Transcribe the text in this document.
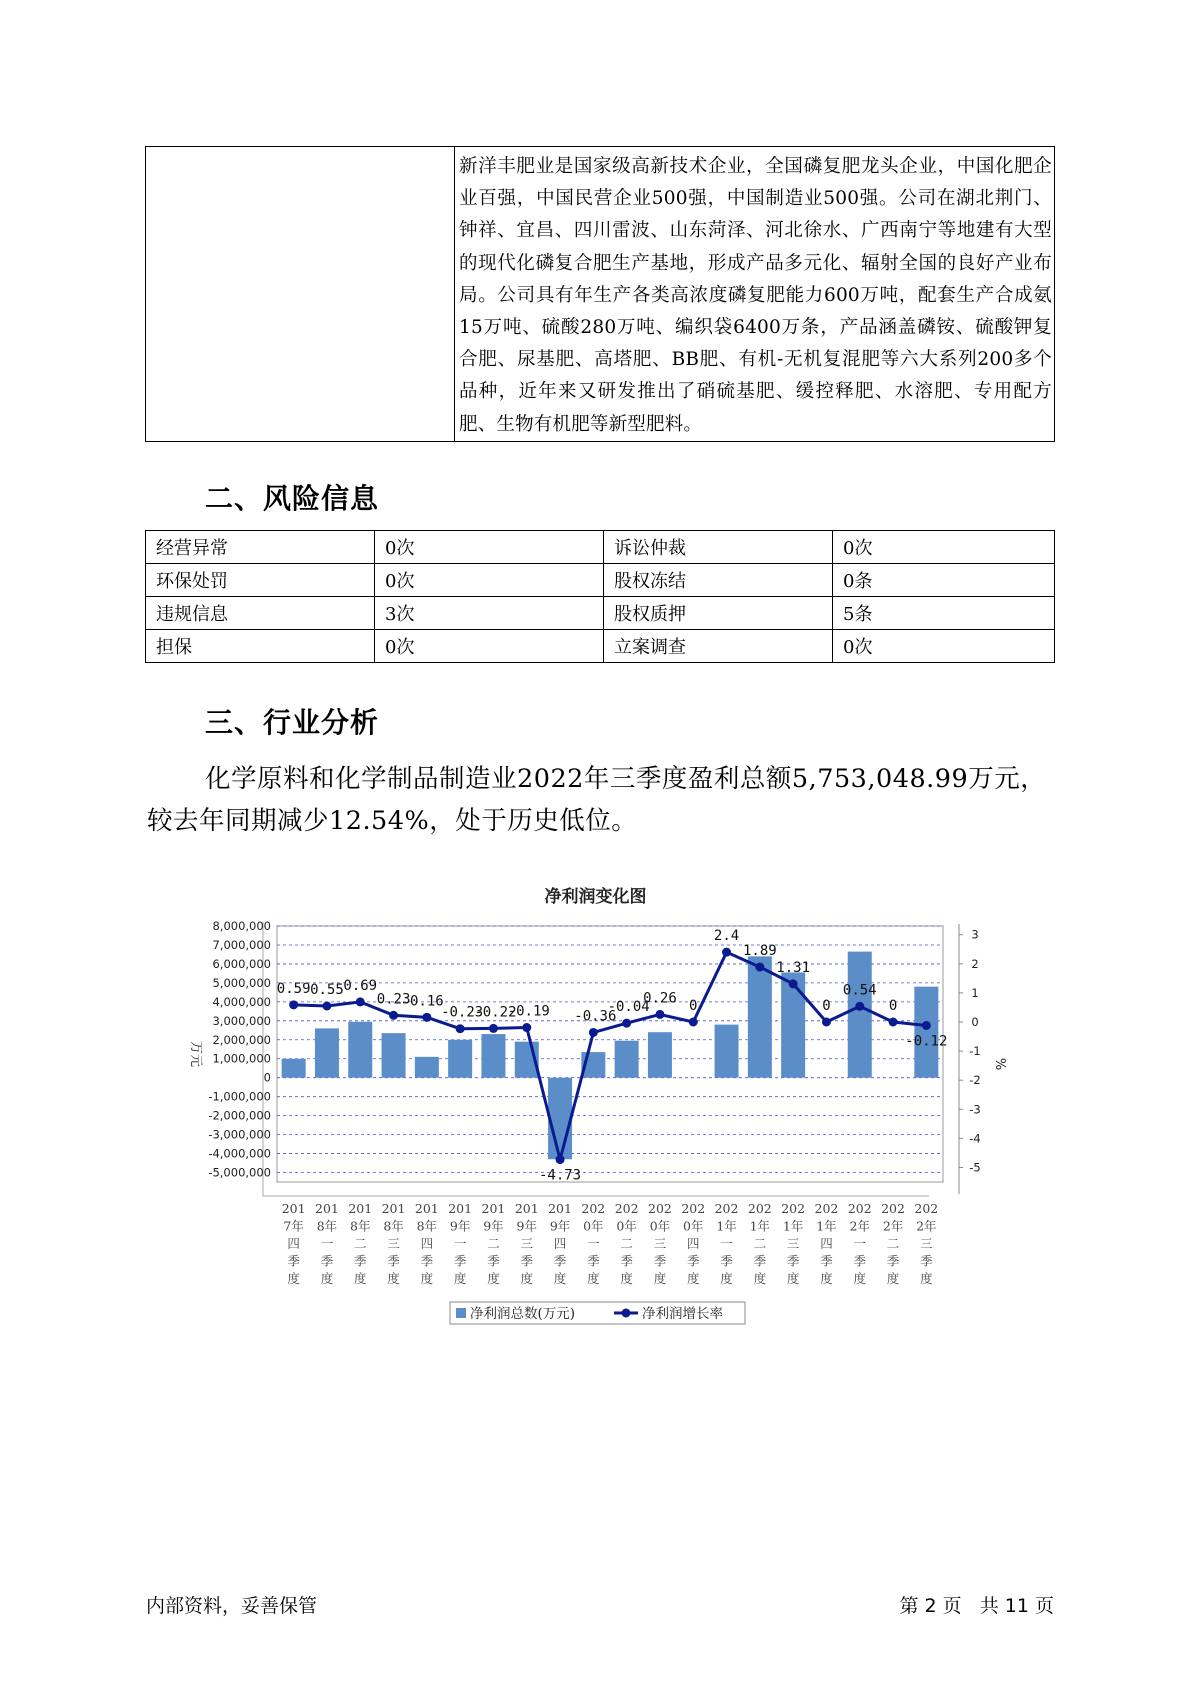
新洋丰肥业是国家级高新技术企业，全国磷复肥龙头企业，中国化肥企业百强，中国民营企业500强，中国制造业500强。公司在湖北荆门、钟祥、宜昌、四川雷波、山东菏泽、河北徐水、广西南宁等地建有大型的现代化磷复合肥生产基地，形成产品多元化、辐射全国的良好产业布局。公司具有年生产各类高浓度磷复肥能力600万吨，配套生产合成氨15万吨、硫酸280万吨、编织袋6400万条，产品涵盖磷铵、硫酸钾复合肥、尿基肥、高塔肥、BB肥、有机-无机复混肥等六大系列200多个品种，近年来又研发推出了硝硫基肥、缓控释肥、水溶肥、专用配方肥、生物有机肥等新型肥料。
二、风险信息
经营异常	0次	诉讼仲裁	0次
环保处罚	0次	股权冻结	0条
违规信息	3次	股权质押	5条
担保	0次	立案调查	0次
三、行业分析

化学原料和化学制品制造业2022年三季度盈利总额5,753,048.99万元，较去年同期减少12.54%，处于历史低位。

净利润变化图
8,000,000
7,000,000
6,000,000
5,000,000
4,000,000
3,000,000
2,000,000
1,000,000
0
-1,000,000
-2,000,000
-3,000,000
-4,000,000
-5,000,000
3
2
1
0
-1
-2
-3
-4
-5
万元	%
0.59 0.55 0.69
0.23 0.16
-0.23
-0.22
-0.19
-4.73
-0.36
-0.04
0.26 0
2.4
1.89
1.31
0
0.54
0
-0.12
201
7年
四
季
度
201
8年
一
季
度
201
8年
二
季
度
201
8年
三
季
度
201
8年
四
季
度
201
9年
一
季
度
201
9年
二
季
度
201
9年
三
季
度
201
9年
四
季
度
202
0年
一
季
度
202
0年
二
季
度
202
0年
三
季
度
202
0年
四
季
度
202
1年
一
季
度
202
1年
二
季
度
202
1年
三
季
度
202
1年
四
季
度
202
2年
一
季
度
202
2年
二
季
度
202
2年
三
季
度
净利润总数(万元)	净利润增长率
内部资料，妥善保管	第 2 页   共 11 页
